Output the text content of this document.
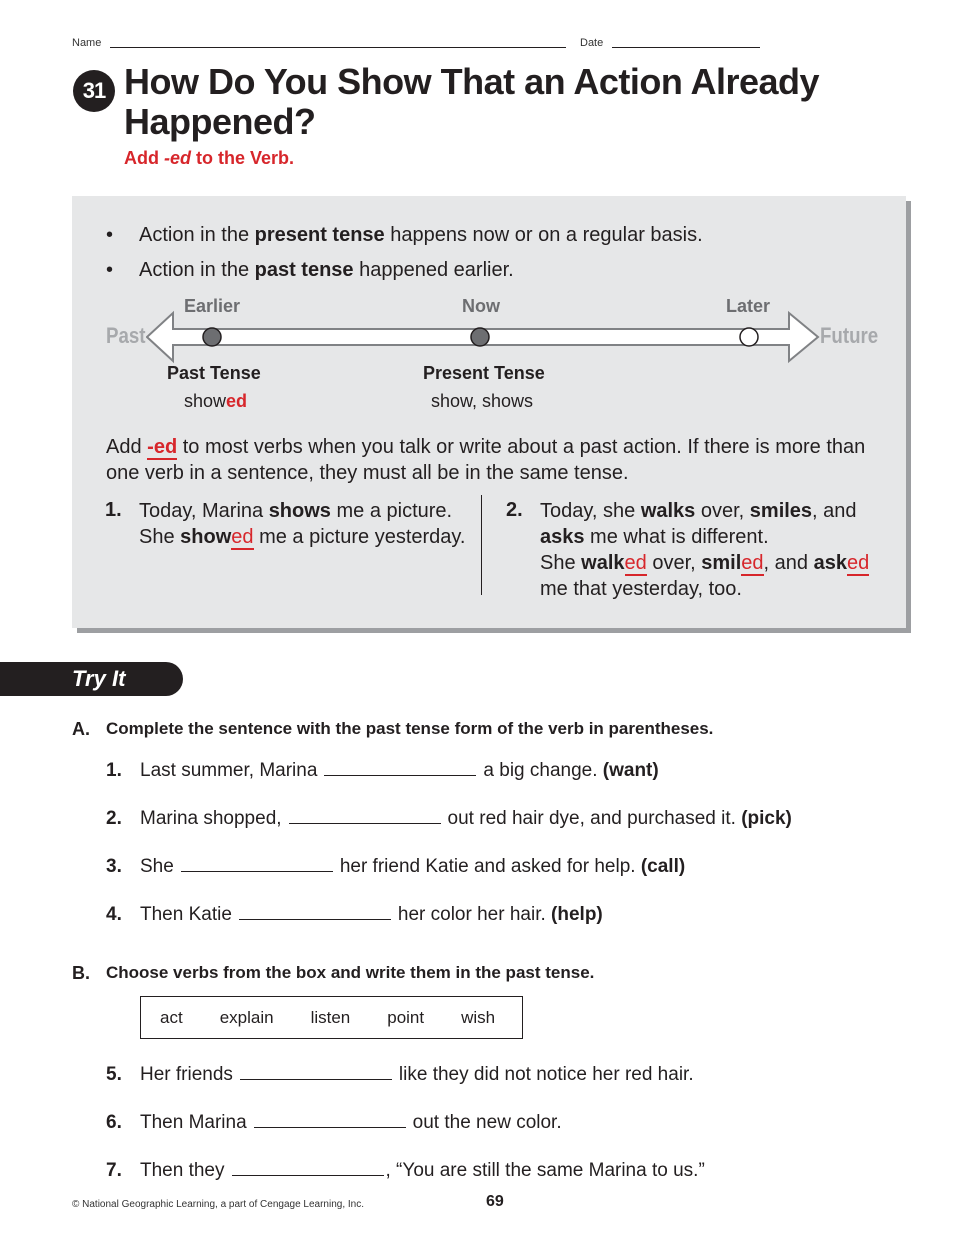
Name	Date
31 How Do You Show That an Action Already Happened?
Add -ed to the Verb.
• Action in the present tense happens now or on a regular basis.
• Action in the past tense happened earlier.
Earlier	Now	Later
Past	Future
Past Tense
showed
Present Tense
show, shows
Add -ed to most verbs when you talk or write about a past action. If there is more than one verb in a sentence, they must all be in the same tense.
1. Today, Marina shows me a picture.
She showed me a picture yesterday.
2. Today, she walks over, smiles, and
asks me what is different.
She walked over, smiled, and asked
me that yesterday, too.
Try It
A. Complete the sentence with the past tense form of the verb in parentheses.
1. Last summer, Marina	a big change.
(want)
2. Marina shopped,	out red hair dye, and purchased it.
(pick)
3. She	her friend Katie and asked for help.
(call)
4. Then Katie	her color her hair.
(help)
B. Choose verbs from the box and write them in the past tense.
act explain listen point wish
5. Her friends	like they did not notice her red hair.
6. Then Marina	out the new color.
7. Then they	, “You are still the same Marina to us.”
© National Geographic Learning, a part of Cengage Learning, Inc.	69
